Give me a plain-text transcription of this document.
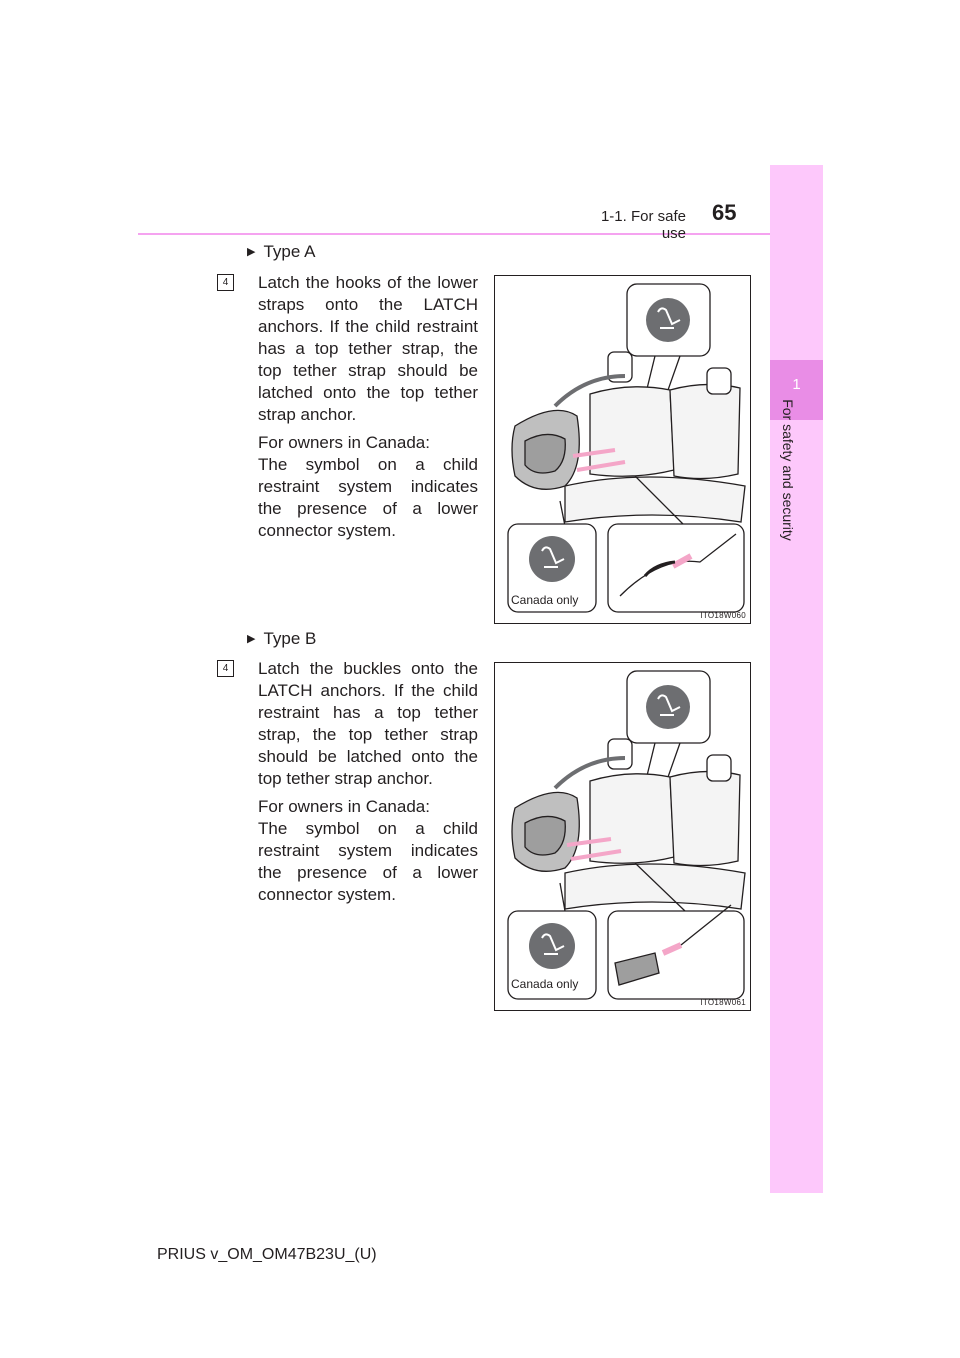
1-1. For safe use
65
1
For safety and security
▶ Type A
4	Latch the hooks of the lower straps onto the LATCH anchors. If the child restraint has a top tether strap, the top tether strap should be latched onto the top tether strap anchor.

For owners in Canada:
The symbol on a child restraint system indicates the presence of a lower connector system.

Canada only
ITO18W060
▶ Type B
4	Latch the buckles onto the LATCH anchors. If the child restraint has a top tether strap, the top tether strap should be latched onto the top tether strap anchor.

For owners in Canada:
The symbol on a child restraint system indicates the presence of a lower connector system.

Canada only
ITO18W061
PRIUS v_OM_OM47B23U_(U)
